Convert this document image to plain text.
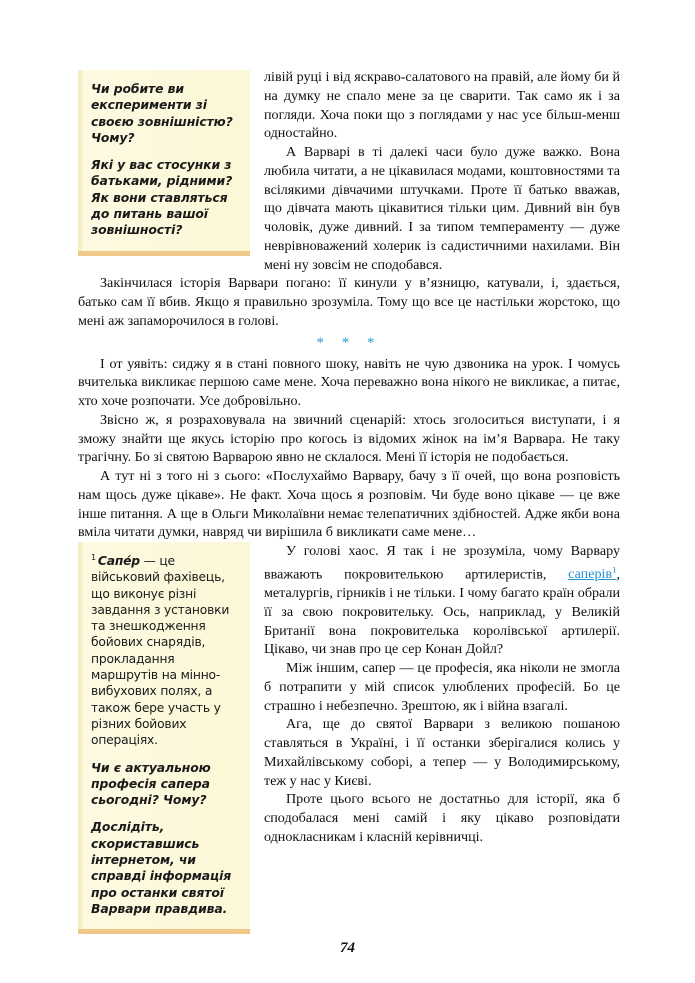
Чи робите ви експерименти зі своєю зовнішністю? Чому?

Які у вас стосунки з батьками, рідними? Як вони ставляться до питань вашої зовнішності?

лівій руці і від яскраво-салатового на правій, але йому би й на думку не спало мене за це сварити. Так само як і за погляди. Хоча поки що з поглядами у нас усе більш-менш одностайно.

А Варварі в ті далекі часи було дуже важко. Вона любила читати, а не цікавилася модами, коштовностями та всілякими дівчачими штучками. Проте її батько вважав, що дівчата мають цікавитися тільки цим. Дивний він був чоловік, дуже дивний. І за типом темпераменту — дуже неврівноважений холерик із садистичними нахилами. Він мені ну зовсім не сподобався.

Закінчилася історія Варвари погано: її кинули у в’язницю, катували, і, здається, батько сам її вбив. Якщо я правильно зрозуміла. Тому що все це настільки жорстоко, що мені аж запаморочилося в голові.

* * *

І от уявіть: сиджу я в стані повного шоку, навіть не чую дзвоника на урок. І чомусь вчителька викликає першою саме мене. Хоча переважно вона нікого не викликає, а питає, хто хоче розпочати. Усе добровільно.

Звісно ж, я розраховувала на звичний сценарій: хтось зголоситься виступати, і я зможу знайти ще якусь історію про когось із відомих жінок на ім’я Варвара. Не таку трагічну. Бо зі святою Варварою явно не склалося. Мені її історія не подобається.

А тут ні з того ні з сього: «Послухаймо Варвару, бачу з її очей, що вона розповість нам щось дуже цікаве». Не факт. Хоча щось я розповім. Чи буде воно цікаве — це вже інше питання. А ще в Ольги Миколаївни немає телепатичних здібностей. Адже якби вона вміла читати думки, навряд чи вирішила б викликати саме мене…

$^1$ Сапе́р — це військовий фахівець, що виконує різні завдання з установки та знешкодження бойових снарядів, прокладання маршрутів на мінно-вибухових полях, а також бере участь у різних бойових операціях.

Чи є актуальною професія сапера сьогодні? Чому?

Дослідіть, скориставшись інтернетом, чи справді інформація про останки святої Варвари правдива.

У голові хаос. Я так і не зрозуміла, чому Варвару вважають покровителькою артилеристів, саперів$^1$, металургів, гірників і не тільки. І чому багато країн обрали її за свою покровительку. Ось, наприклад, у Великій Британії вона покровителька королівської артилерії. Цікаво, чи знав про це сер Конан Дойл?

Між іншим, сапер — це професія, яка ніколи не змогла б потрапити у мій список улюблених професій. Бо це страшно і небезпечно. Зрештою, як і війна взагалі.

Ага, ще до святої Варвари з великою пошаною ставляться в Україні, і її останки зберігалися колись у Михайлівському соборі, а тепер — у Володимирському, теж у нас у Києві.

Проте цього всього не достатньо для історії, яка б сподобалася мені самій і яку цікаво розповідати однокласникам і класній керівничці.

74
